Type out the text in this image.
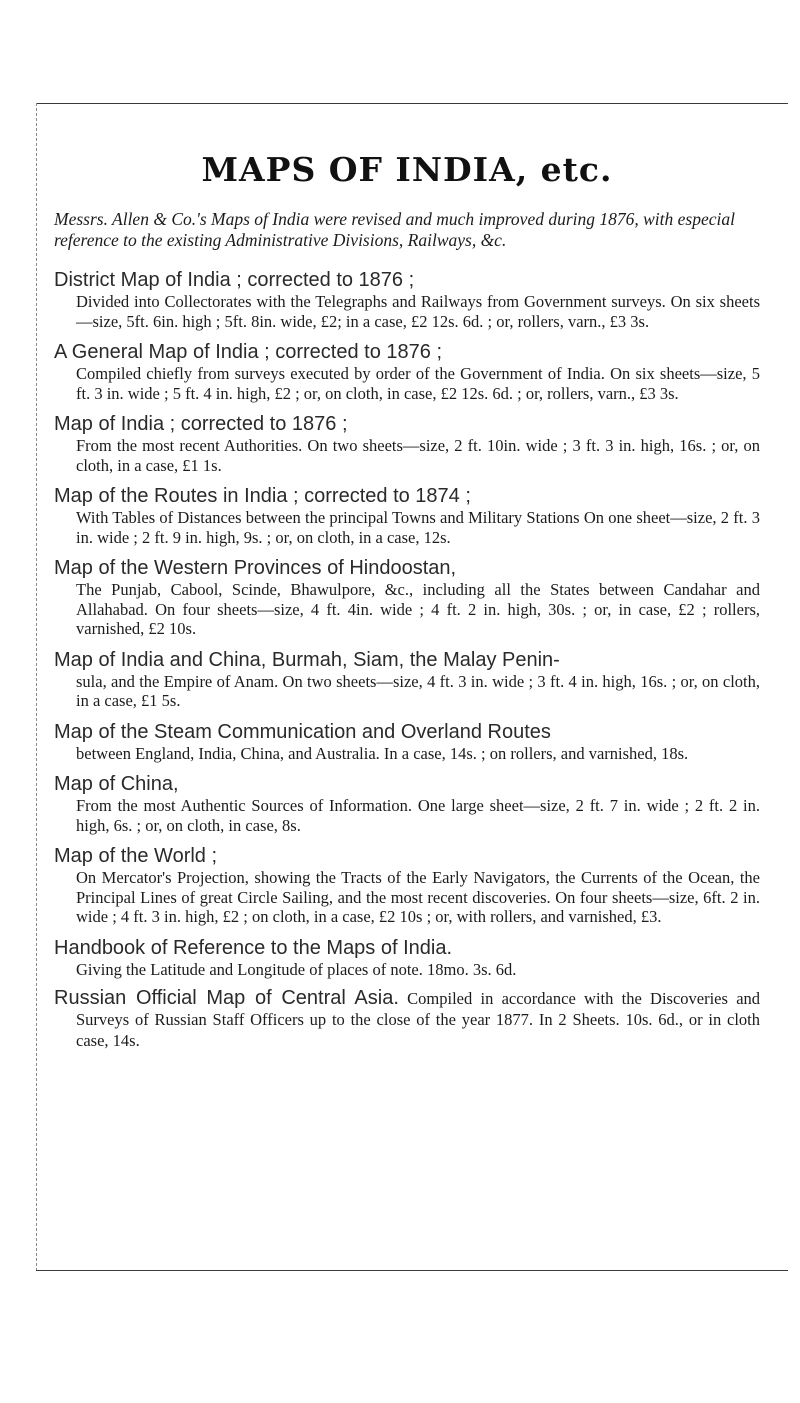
MAPS OF INDIA, etc.

Messrs. Allen & Co.'s Maps of India were revised and much improved during 1876, with especial reference to the existing Administrative Divisions, Railways, &c.

District Map of India ; corrected to 1876 ;
Divided into Collectorates with the Telegraphs and Railways from Government surveys. On six sheets—size, 5ft. 6in. high ; 5ft. 8in. wide, £2; in a case, £2 12s. 6d. ; or, rollers, varn., £3 3s.
A General Map of India ; corrected to 1876 ;
Compiled chiefly from surveys executed by order of the Government of India. On six sheets—size, 5 ft. 3 in. wide ; 5 ft. 4 in. high, £2 ; or, on cloth, in case, £2 12s. 6d. ; or, rollers, varn., £3 3s.
Map of India ; corrected to 1876 ;
From the most recent Authorities. On two sheets—size, 2 ft. 10in. wide ; 3 ft. 3 in. high, 16s. ; or, on cloth, in a case, £1 1s.
Map of the Routes in India ; corrected to 1874 ;
With Tables of Distances between the principal Towns and Military Stations On one sheet—size, 2 ft. 3 in. wide ; 2 ft. 9 in. high, 9s. ; or, on cloth, in a case, 12s.
Map of the Western Provinces of Hindoostan,
The Punjab, Cabool, Scinde, Bhawulpore, &c., including all the States between Candahar and Allahabad. On four sheets—size, 4 ft. 4in. wide ; 4 ft. 2 in. high, 30s. ; or, in case, £2 ; rollers, varnished, £2 10s.
Map of India and China, Burmah, Siam, the Malay Penin-
sula, and the Empire of Anam. On two sheets—size, 4 ft. 3 in. wide ; 3 ft. 4 in. high, 16s. ; or, on cloth, in a case, £1 5s.
Map of the Steam Communication and Overland Routes
between England, India, China, and Australia. In a case, 14s. ; on rollers, and varnished, 18s.
Map of China,
From the most Authentic Sources of Information. One large sheet—size, 2 ft. 7 in. wide ; 2 ft. 2 in. high, 6s. ; or, on cloth, in case, 8s.
Map of the World ;
On Mercator's Projection, showing the Tracts of the Early Navigators, the Currents of the Ocean, the Principal Lines of great Circle Sailing, and the most recent discoveries. On four sheets—size, 6ft. 2 in. wide ; 4 ft. 3 in. high, £2 ; on cloth, in a case, £2 10s ; or, with rollers, and varnished, £3.
Handbook of Reference to the Maps of India.
Giving the Latitude and Longitude of places of note. 18mo. 3s. 6d.
Russian Official Map of Central Asia. Compiled in accordance with the Discoveries and Surveys of Russian Staff Officers up to the close of the year 1877. In 2 Sheets. 10s. 6d., or in cloth case, 14s.
